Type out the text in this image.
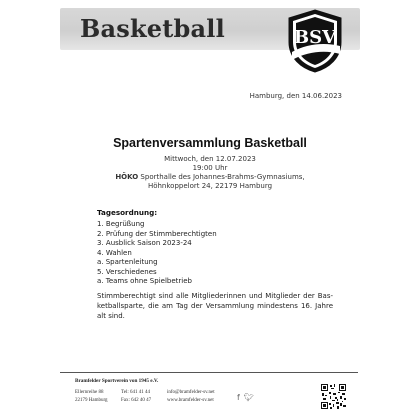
Basketball	BSV
1945
Hamburg, den 14.06.2023
Spartenversammlung Basketball
Mittwoch, den 12.07.2023
19:00 Uhr
HÖKO Sporthalle des Johannes-Brahms-Gymnasiums,
Höhnkoppelort 24, 22179 Hamburg
Tagesordnung:
1. Begrüßung
2. Prüfung der Stimmberechtigten
3. Ausblick Saison 2023-24
4. Wahlen
a. Spartenleitung
5. Verschiedenes
a. Teams ohne Spielbetrieb

Stimmberechtigt sind alle Mitgliederinnen und Mitglieder der Bas-ketballsparte, die am Tag der Versammlung mindestens 16. Jahre alt sind.

Bramfelder Sportverein von 1945 e.V.
Ellernreihe 88
22179 Hamburg
Tel: 641 41 44
Fax: 642 40 47
info@bramfelder-sv.net
www.bramfelder-sv.net	f 🐦︎
